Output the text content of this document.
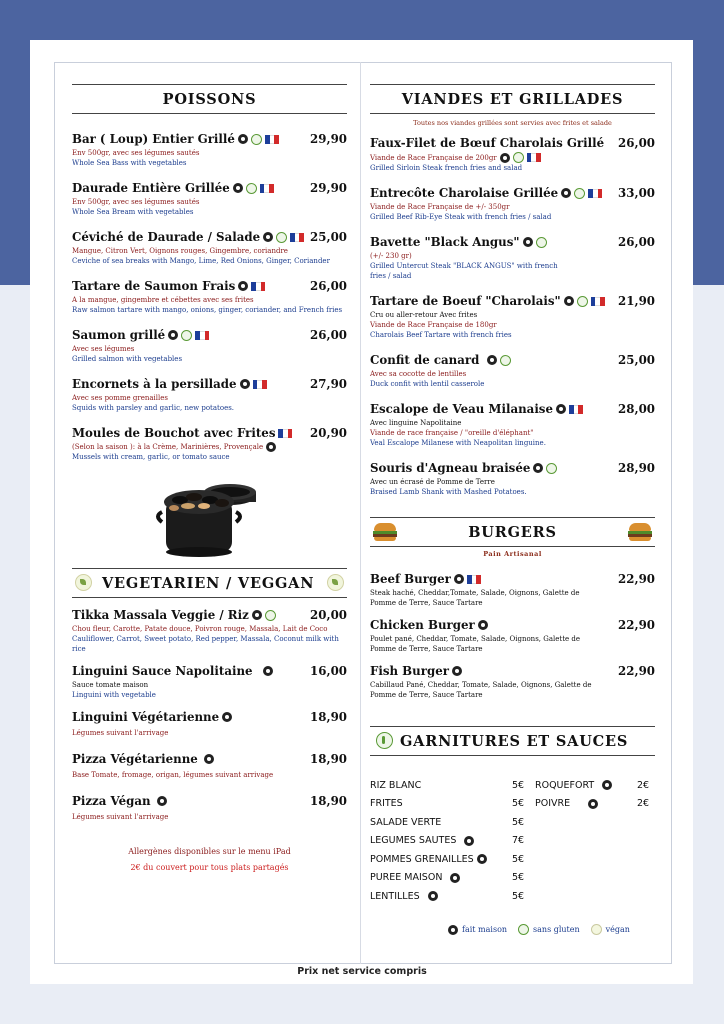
POISSONS
Bar ( Loup) Entier Grillé	29,90
Env 500gr, avec ses légumes sautés
Whole Sea Bass with vegetables
Daurade Entière Grillée	29,90
Env 500gr, avec ses légumes sautés
Whole Sea Bream with vegetables
Céviché de Daurade / Salade	25,00
Mangue, Citron Vert, Oignons rouges, Gingembre, coriandre
Ceviche of sea breaks with Mango, Lime, Red Onions, Ginger, Coriander
Tartare de Saumon Frais	26,00
A la mangue, gingembre et cébettes avec ses frites
Raw salmon tartare with mango, onions, ginger, coriander, and French fries
Saumon grillé	26,00
Avec ses légumes
Grilled salmon with vegetables
Encornets à la persillade	27,90
Avec ses pomme grenailles
Squids with parsley and garlic, new potatoes.
Moules de Bouchot avec Frites	20,90
(Selon la saison ): à la Crème, Marinières, Provençale
Mussels with cream, garlic, or tomato sauce
VEGETARIEN / VEGGAN
Tikka Massala Veggie / Riz	20,00
Chou fleur, Carotte, Patate douce, Poivron rouge, Massala, Lait de Coco
Cauliflower, Carrot, Sweet potato, Red pepper, Massala, Coconut milk with rice
Linguini Sauce Napolitaine	16,00
Sauce tomate maison
Linguini with vegetable
Linguini Végétarienne	18,90
Légumes suivant l'arrivage
Pizza Végétarienne	18,90
Base Tomate, fromage, origan, légumes suivant arrivage
Pizza Végan	18,90
Légumes suivant l'arrivage
Allergènes disponibles sur le menu iPad
2€ du couvert pour tous plats partagés
VIANDES ET GRILLADES
Toutes nos viandes grillées sont servies avec frites et salade
Faux-Filet de Bœuf Charolais Grillé 26,00
Viande de Race Française de 200gr
Grilled Sirloin Steak french fries and salad
Entrecôte Charolaise Grillée	33,00
Viande de Race Française de +/- 350gr
Grilled Beef Rib-Eye Steak with french fries / salad
Bavette "Black Angus"	26,00
(+/- 230 gr)
Grilled Untercut Steak "BLACK ANGUS" with french fries / salad
Tartare de Boeuf "Charolais"	21,90
Cru ou aller-retour Avec frites
Viande de Race Française de 180gr
Charolais Beef Tartare with french fries
Confit de canard	25,00
Avec sa cocotte de lentilles
Duck confit with lentil casserole
Escalope de Veau Milanaise	28,00
Avec linguine Napolitaine
Viande de race française / "oreille d'éléphant"
Veal Escalope Milanese with Neapolitan linguine.
Souris d'Agneau braisée	28,90
Avec un écrasé de Pomme de Terre
Braised Lamb Shank with Mashed Potatoes.
BURGERS
Pain Artisanal
Beef Burger	22,90
Steak haché, Cheddar,Tomate, Salade, Oignons, Galette de Pomme de Terre, Sauce Tartare
Chicken Burger	22,90
Poulet pané, Cheddar, Tomate, Salade, Oignons, Galette de Pomme de Terre, Sauce Tartare
Fish Burger	22,90
Cabillaud Pané, Cheddar, Tomate, Salade, Oignons, Galette de Pomme de Terre, Sauce Tartare
GARNITURES ET SAUCES
RIZ BLANC	5€
FRITES	5€
SALADE VERTE	5€
LEGUMES SAUTES	7€
POMMES GRENAILLES	5€
PUREE MAISON	5€
LENTILLES	5€
ROQUEFORT	2€
POIVRE	2€
fait maison	sans gluten	végan
Prix net service compris
